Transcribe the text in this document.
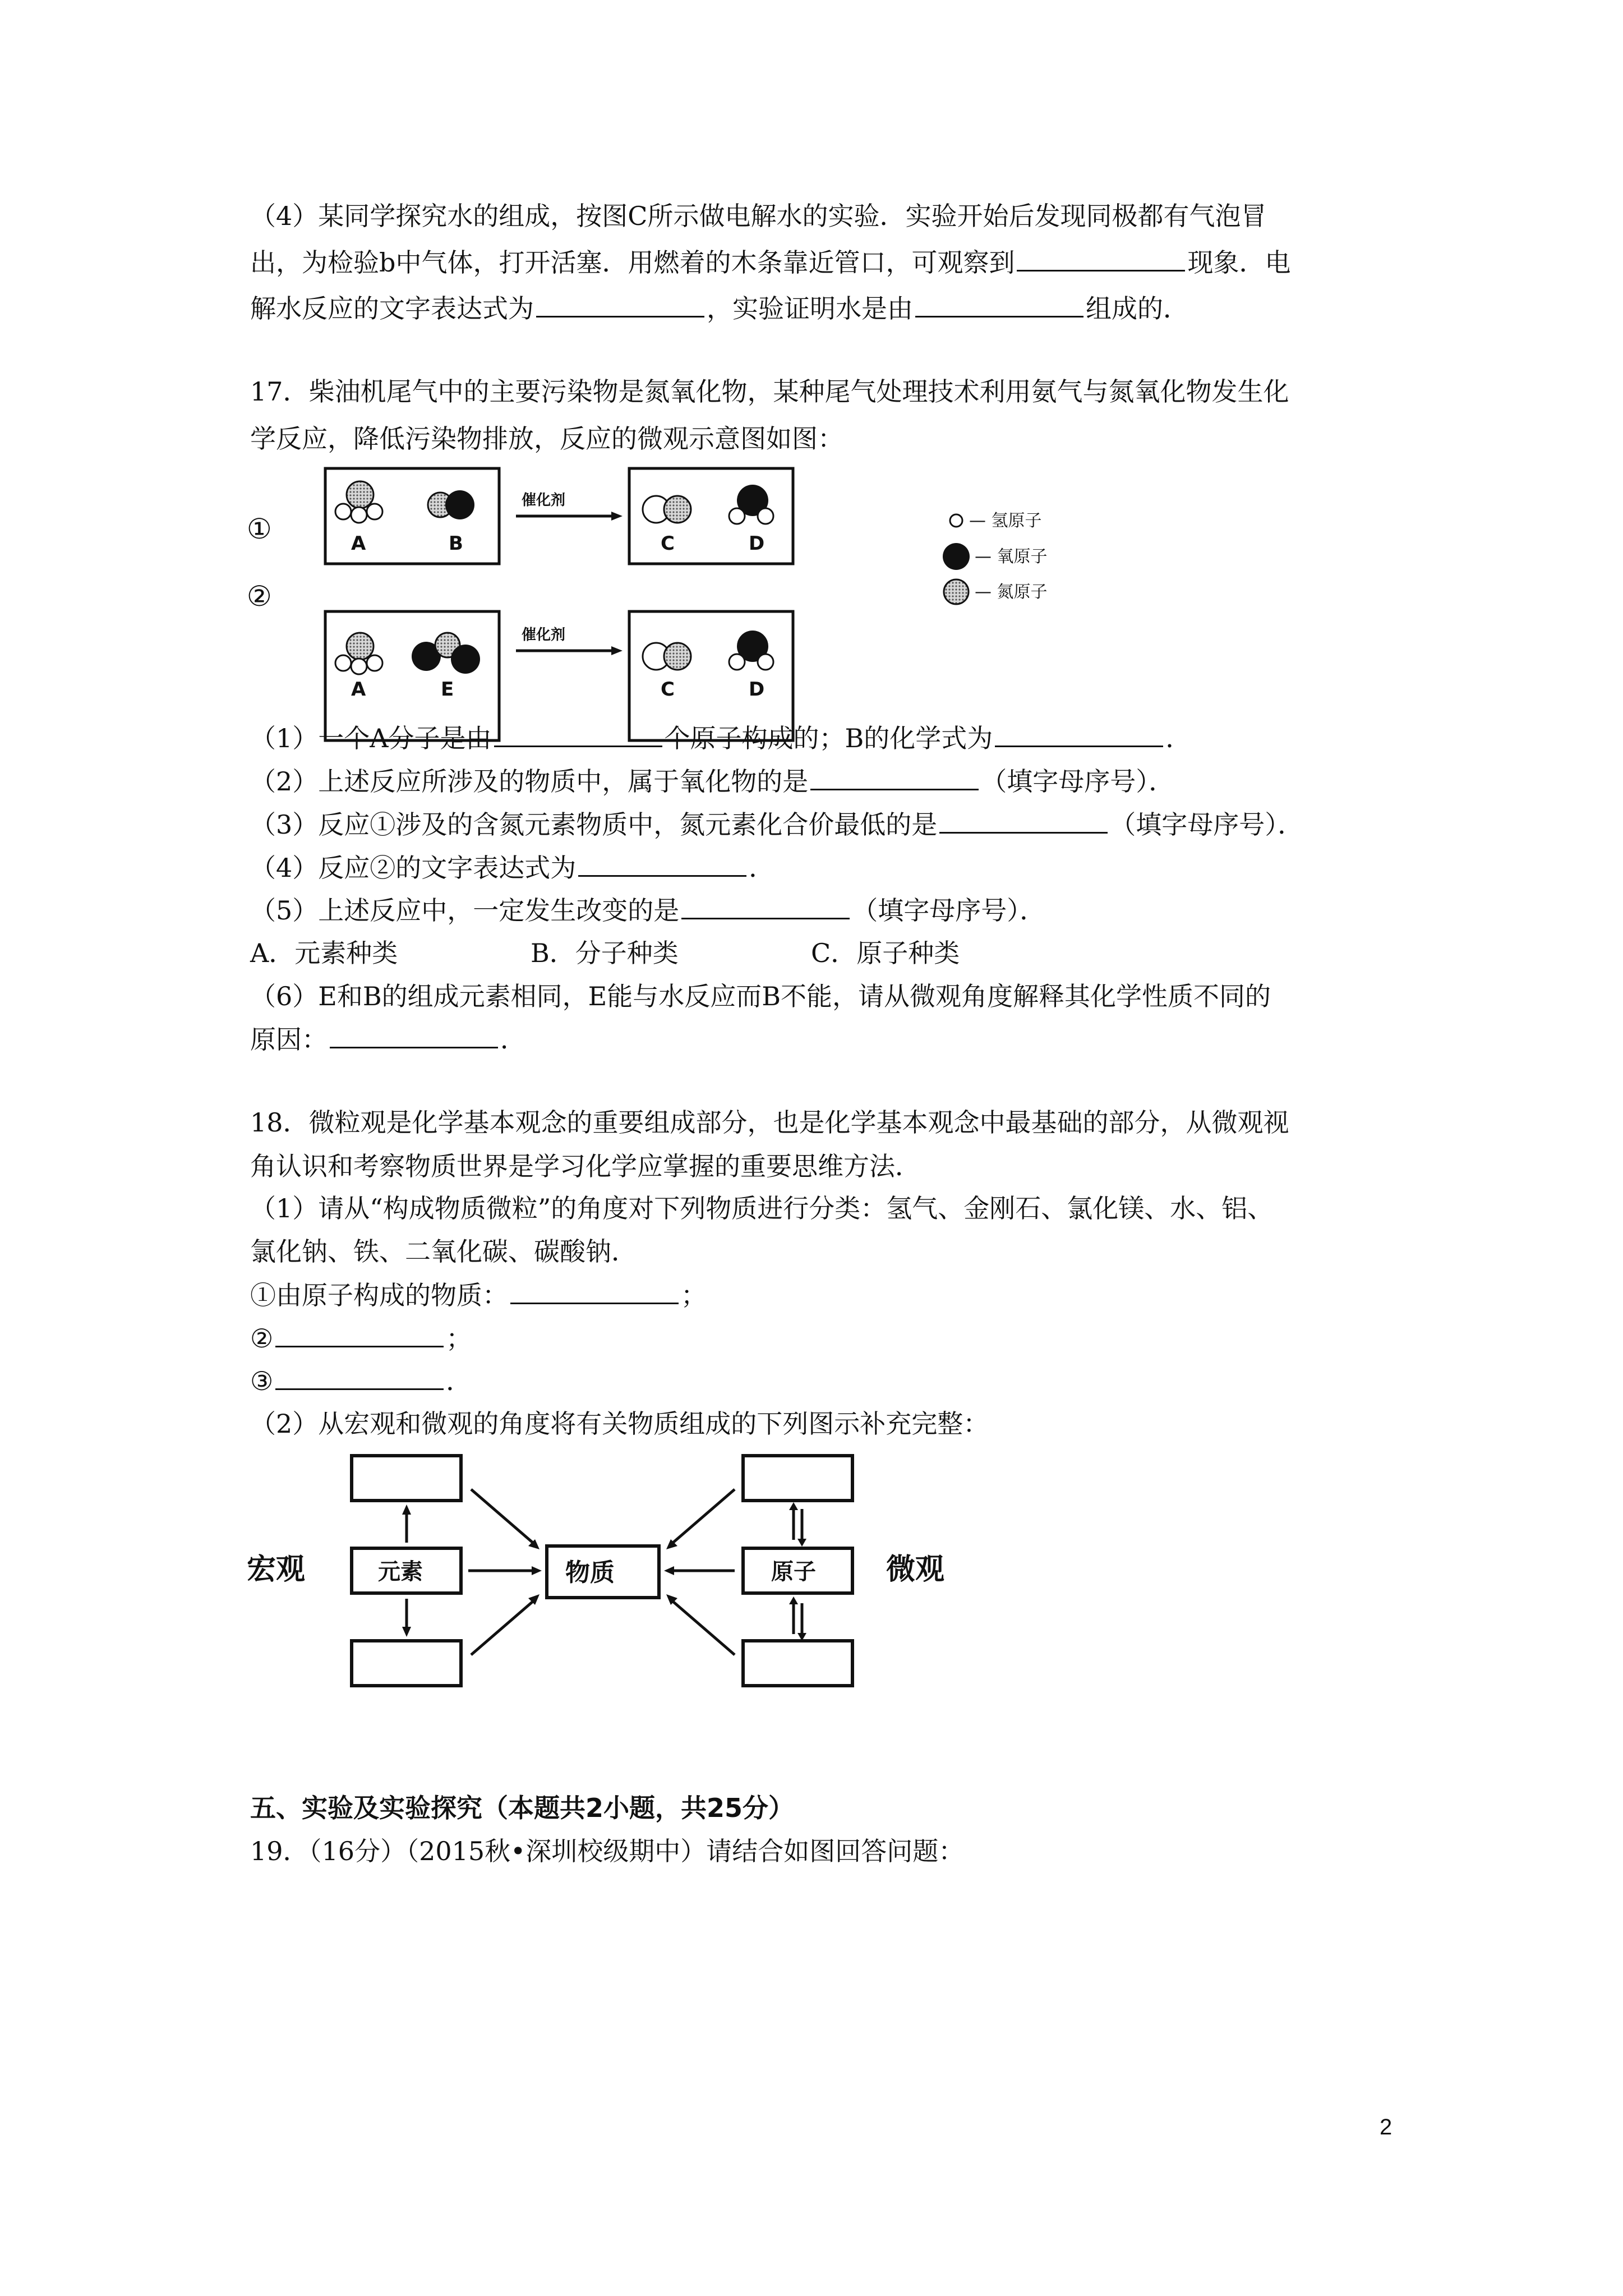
（4）某同学探究水的组成，按图C所示做电解水的实验．实验开始后发现同极都有气泡冒
出，为检验b中气体，打开活塞．用燃着的木条靠近管口，可观察到	现象．电
解水反应的文字表达式为	，实验证明水是由	组成的．
17．柴油机尾气中的主要污染物是氮氧化物，某种尾气处理技术利用氨气与氮氧化物发生化
学反应，降低污染物排放，反应的微观示意图如图：
①
②
催化剂
催化剂
A	B	C	D
A	E	C	D
— 氢原子
— 氧原子
— 氮原子
（1）一个A分子是由	个原子构成的；B的化学式为	．
（2）上述反应所涉及的物质中，属于氧化物的是	（填字母序号）．
（3）反应①涉及的含氮元素物质中，氮元素化合价最低的是	（填字母序号）．
（4）反应②的文字表达式为	．
（5）上述反应中，一定发生改变的是	（填字母序号）．
A．元素种类	B．分子种类	C．原子种类
（6）E和B的组成元素相同，E能与水反应而B不能，请从微观角度解释其化学性质不同的
原因：	．
18．微粒观是化学基本观念的重要组成部分，也是化学基本观念中最基础的部分，从微观视
角认识和考察物质世界是学习化学应掌握的重要思维方法．
（1）请从“构成物质微粒”的角度对下列物质进行分类：氢气、金刚石、氯化镁、水、铝、
氯化钠、铁、二氧化碳、碳酸钠．
①由原子构成的物质：	；
②	；
③	．
（2）从宏观和微观的角度将有关物质组成的下列图示补充完整：
宏观	微观
元素	物质	原子
五、实验及实验探究（本题共2小题，共25分）
19．（16分）（2015秋•深圳校级期中）请结合如图回答问题：
2
